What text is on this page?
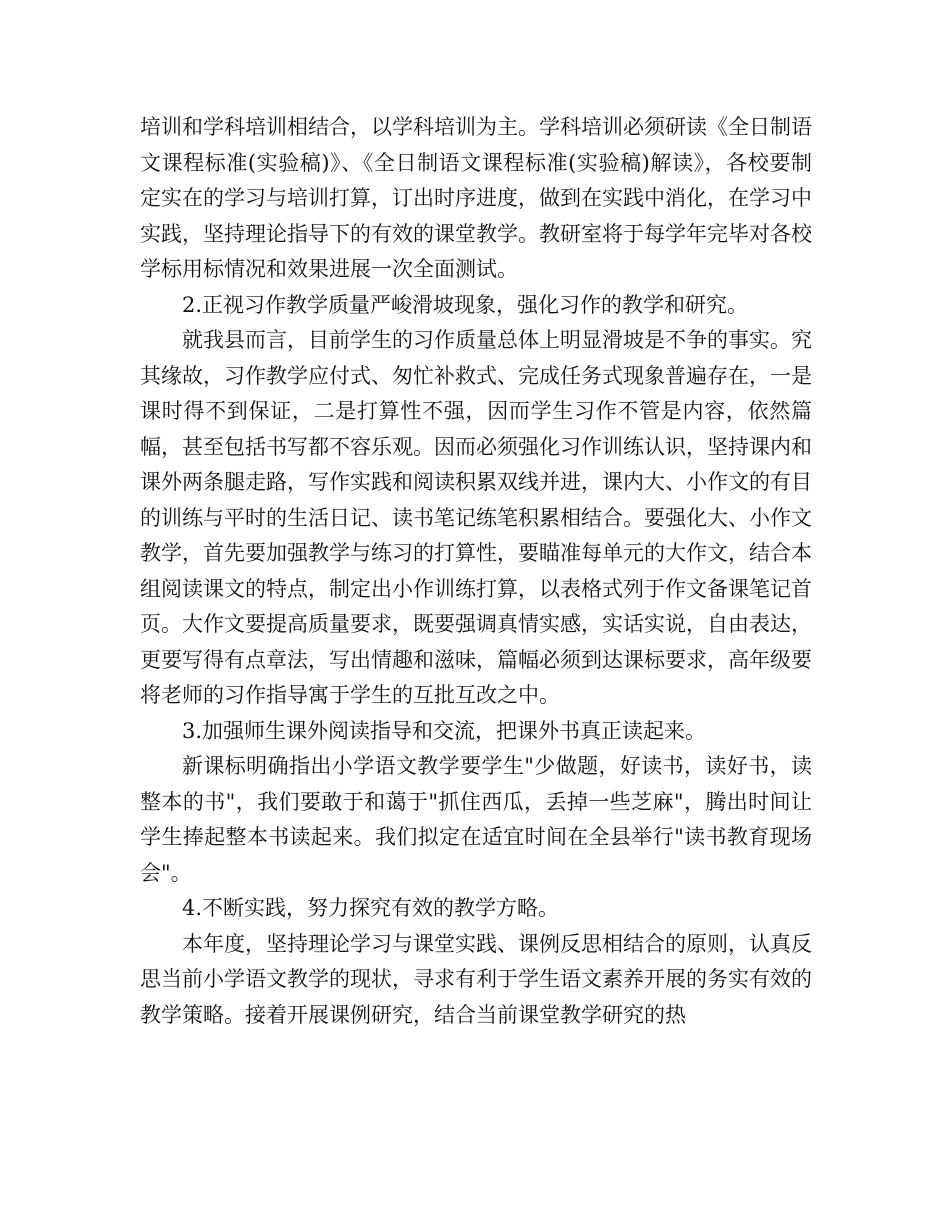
培训和学科培训相结合，以学科培训为主。学科培训必须研读《全日制语文课程标准(实验稿)》、《全日制语文课程标准(实验稿)解读》，各校要制定实在的学习与培训打算，订出时序进度，做到在实践中消化，在学习中实践，坚持理论指导下的有效的课堂教学。教研室将于每学年完毕对各校学标用标情况和效果进展一次全面测试。

2.正视习作教学质量严峻滑坡现象，强化习作的教学和研究。

就我县而言，目前学生的习作质量总体上明显滑坡是不争的事实。究其缘故，习作教学应付式、匆忙补救式、完成任务式现象普遍存在，一是课时得不到保证，二是打算性不强，因而学生习作不管是内容，依然篇幅，甚至包括书写都不容乐观。因而必须强化习作训练认识，坚持课内和课外两条腿走路，写作实践和阅读积累双线并进，课内大、小作文的有目的训练与平时的生活日记、读书笔记练笔积累相结合。要强化大、小作文教学，首先要加强教学与练习的打算性，要瞄准每单元的大作文，结合本组阅读课文的特点，制定出小作训练打算，以表格式列于作文备课笔记首页。大作文要提高质量要求，既要强调真情实感，实话实说，自由表达，更要写得有点章法，写出情趣和滋味，篇幅必须到达课标要求，高年级要将老师的习作指导寓于学生的互批互改之中。

3.加强师生课外阅读指导和交流，把课外书真正读起来。

新课标明确指出小学语文教学要学生"少做题，好读书，读好书，读整本的书"，我们要敢于和蔼于"抓住西瓜，丢掉一些芝麻"，腾出时间让学生捧起整本书读起来。我们拟定在适宜时间在全县举行"读书教育现场会"。

4.不断实践，努力探究有效的教学方略。

本年度，坚持理论学习与课堂实践、课例反思相结合的原则，认真反思当前小学语文教学的现状，寻求有利于学生语文素养开展的务实有效的教学策略。接着开展课例研究，结合当前课堂教学研究的热
